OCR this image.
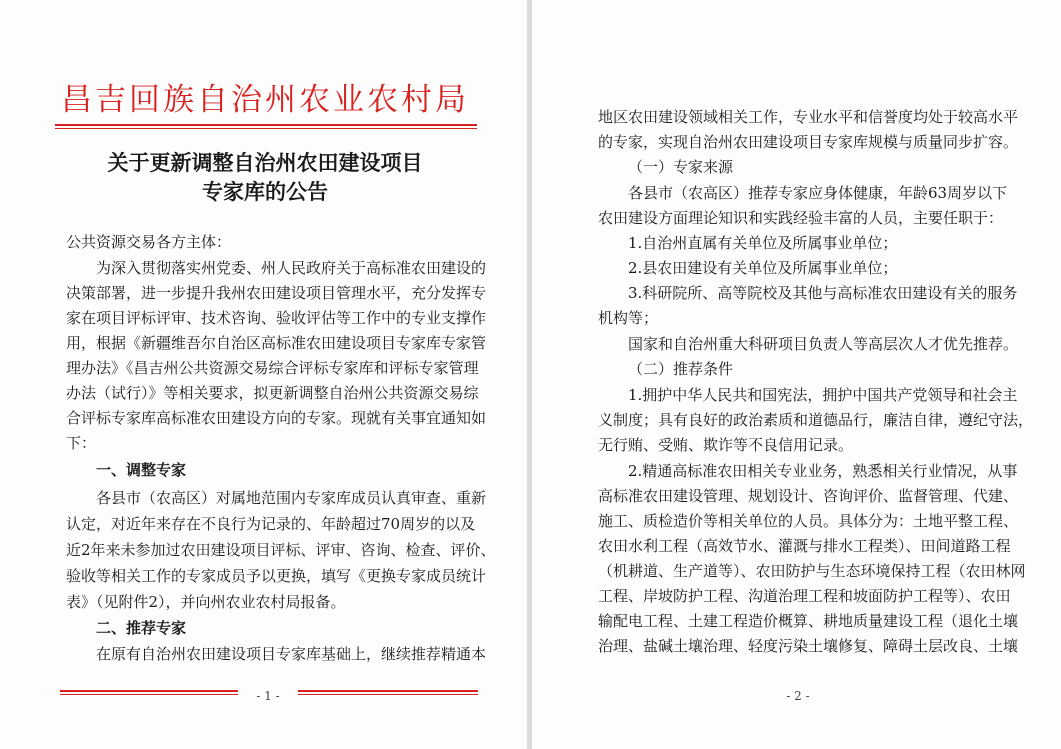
昌吉回族自治州农业农村局
关于更新调整自治州农田建设项目
专家库的公告
公共资源交易各方主体：
为深入贯彻落实州党委、州人民政府关于高标准农田建设的
决策部署，进一步提升我州农田建设项目管理水平，充分发挥专
家在项目评标评审、技术咨询、验收评估等工作中的专业支撑作
用，根据《新疆维吾尔自治区高标准农田建设项目专家库专家管
理办法》《昌吉州公共资源交易综合评标专家库和评标专家管理
办法（试行）》等相关要求，拟更新调整自治州公共资源交易综
合评标专家库高标准农田建设方向的专家。现就有关事宜通知如
下：
一、调整专家
各县市（农高区）对属地范围内专家库成员认真审查、重新
认定，对近年来存在不良行为记录的、年龄超过70周岁的以及
近2年来未参加过农田建设项目评标、评审、咨询、检查、评价、
验收等相关工作的专家成员予以更换，填写《更换专家成员统计
表》（见附件2），并向州农业农村局报备。
二、推荐专家
在原有自治州农田建设项目专家库基础上，继续推荐精通本
- 1 -
地区农田建设领域相关工作，专业水平和信誉度均处于较高水平
的专家，实现自治州农田建设项目专家库规模与质量同步扩容。
（一）专家来源
各县市（农高区）推荐专家应身体健康，年龄63周岁以下
农田建设方面理论知识和实践经验丰富的人员，主要任职于：
1.自治州直属有关单位及所属事业单位；
2.县农田建设有关单位及所属事业单位；
3.科研院所、高等院校及其他与高标准农田建设有关的服务
机构等；
国家和自治州重大科研项目负责人等高层次人才优先推荐。
（二）推荐条件
1.拥护中华人民共和国宪法，拥护中国共产党领导和社会主
义制度；具有良好的政治素质和道德品行，廉洁自律，遵纪守法，
无行贿、受贿、欺诈等不良信用记录。
2.精通高标准农田相关专业业务，熟悉相关行业情况，从事
高标准农田建设管理、规划设计、咨询评价、监督管理、代建、
施工、质检造价等相关单位的人员。具体分为：土地平整工程、
农田水利工程（高效节水、灌溉与排水工程类）、田间道路工程
（机耕道、生产道等）、农田防护与生态环境保持工程（农田林网
工程、岸坡防护工程、沟道治理工程和坡面防护工程等）、农田
输配电工程、土建工程造价概算、耕地质量建设工程（退化土壤
治理、盐碱土壤治理、轻度污染土壤修复、障碍土层改良、土壤
- 2 -
